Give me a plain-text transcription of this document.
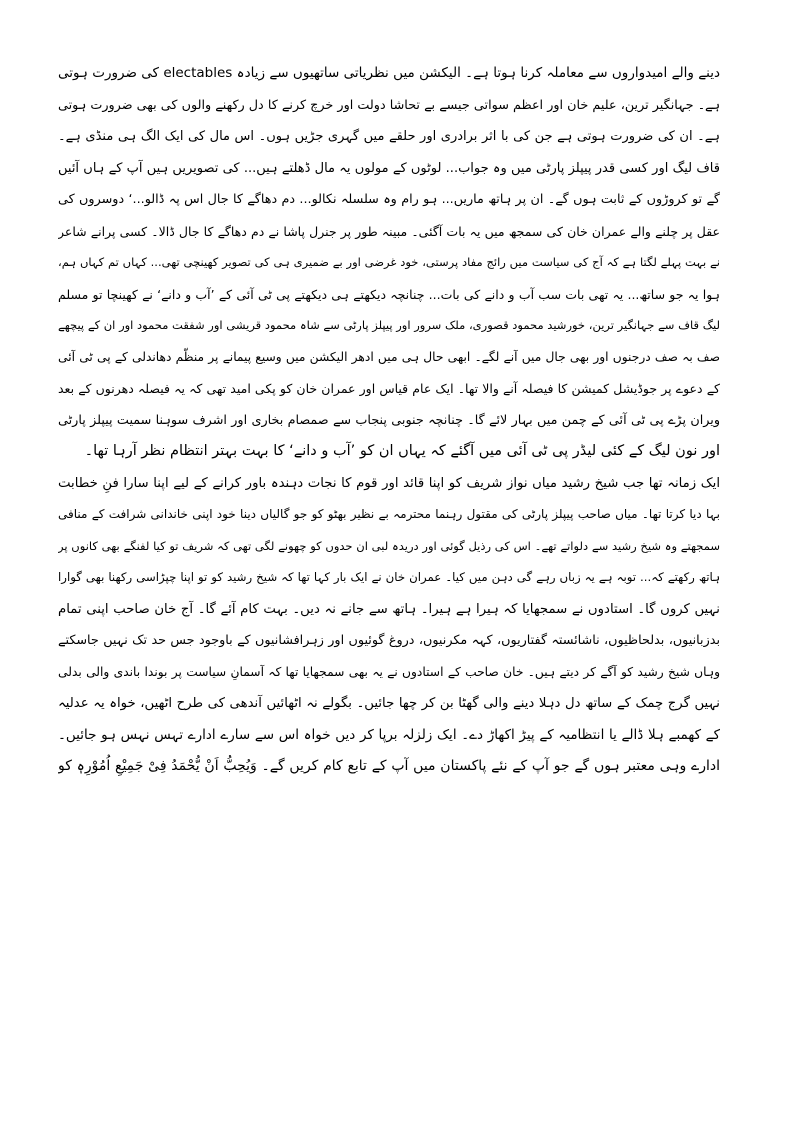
دینے والے امیدواروں سے معاملہ کرنا ہوتا ہے۔ الیکشن میں نظریاتی ساتھیوں سے زیادہ electables کی ضرورت ہوتی
ہے۔ جہانگیر ترین، علیم خان اور اعظم سواتی جیسے بے تحاشا دولت اور خرچ کرنے کا دل رکھنے والوں کی بھی ضرورت ہوتی
ہے۔ ان کی ضرورت ہوتی ہے جن کی با اثر برادری اور حلقے میں گہری جڑیں ہوں۔ اس مال کی ایک الگ ہی منڈی ہے۔
قاف لیگ اور کسی قدر پیپلز پارٹی میں وہ جواب... لوٹوں کے مولوں یہ مال ڈھلتے ہیں... کی تصویریں ہیں آپ کے ہاں آئیں
گے تو کروڑوں کے ثابت ہوں گے۔ ان پر ہاتھ ماریں... ہو رام وہ سلسلہ نکالو... دم دھاگے کا جال اس پہ ڈالو...‘ دوسروں کی
عقل پر چلنے والے عمران خان کی سمجھ میں یہ بات آگئی۔ مبینہ طور پر جنرل پاشا نے دم دھاگے کا جال ڈالا۔ کسی پرانے شاعر
نے بہت پہلے لگتا ہے کہ آج کی سیاست میں رائج مفاد پرستی، خود غرضی اور بے ضمیری ہی کی تصویر کھینچی تھی... کہاں تم کہاں ہم،
ہوا یہ جو ساتھ... یہ تھی بات سب آب و دانے کی بات... چنانچہ دیکھتے ہی دیکھتے پی ٹی آئی کے ’آب و دانے‘ نے کھینچا تو مسلم
لیگ قاف سے جہانگیر ترین، خورشید محمود قصوری، ملک سرور اور پیپلز پارٹی سے شاہ محمود قریشی اور شفقت محمود اور ان کے پیچھے
صف بہ صف درجنوں اور بھی جال میں آنے لگے۔ ابھی حال ہی میں ادھر الیکشن میں وسیع پیمانے پر منظّم دھاندلی کے پی ٹی آئی
کے دعوے پر جوڈیشل کمیشن کا فیصلہ آنے والا تھا۔ ایک عام قیاس اور عمران خان کو پکی امید تھی کہ یہ فیصلہ دھرنوں کے بعد
ویران پڑے پی ٹی آئی کے چمن میں بہار لائے گا۔ چنانچہ جنوبی پنجاب سے صمصام بخاری اور اشرف سوہنا سمیت پیپلز پارٹی
اور نون لیگ کے کئی لیڈر پی ٹی آئی میں آگئے کہ یہاں ان کو ’آب و دانے‘ کا بہت بہتر انتظام نظر آرہا تھا۔
ایک زمانہ تھا جب شیخ رشید میاں نواز شریف کو اپنا قائد اور قوم کا نجات دہندہ باور کرانے کے لیے اپنا سارا فنِ خطابت
بہا دیا کرتا تھا۔ میاں صاحب پیپلز پارٹی کی مقتول رہنما محترمہ بے نظیر بھٹو کو جو گالیاں دینا خود اپنی خاندانی شرافت کے منافی
سمجھتے وہ شیخ رشید سے دلواتے تھے۔ اس کی رذیل گوئی اور دریدہ لبی ان حدوں کو چھونے لگی تھی کہ شریف تو کیا لفنگے بھی کانوں پر
ہاتھ رکھتے کہ... توبہ ہے یہ زباں رہے گی دہن میں کیا۔ عمران خان نے ایک بار کہا تھا کہ شیخ رشید کو تو اپنا چپڑاسی رکھنا بھی گوارا
نہیں کروں گا۔ استادوں نے سمجھایا کہ ہیرا ہے ہیرا۔ ہاتھ سے جانے نہ دیں۔ بہت کام آئے گا۔ آج خان صاحب اپنی تمام
بدزبانیوں، بدلحاظیوں، ناشائستہ گفتاریوں، کہہ مکرنیوں، دروغ گوئیوں اور زہرافشانیوں کے باوجود جس حد تک نہیں جاسکتے
وہاں شیخ رشید کو آگے کر دیتے ہیں۔ خان صاحب کے استادوں نے یہ بھی سمجھایا تھا کہ آسمانِ سیاست پر بوندا باندی والی بدلی
نہیں گرج چمک کے ساتھ دل دہلا دینے والی گھٹا بن کر چھا جائیں۔ بگولے نہ اٹھائیں آندھی کی طرح اٹھیں، خواہ یہ عدلیہ
کے کھمبے ہلا ڈالے یا انتظامیہ کے پیڑ اکھاڑ دے۔ ایک زلزلہ برپا کر دیں خواہ اس سے سارے ادارے تہس نہس ہو جائیں۔
ادارے وہی معتبر ہوں گے جو آپ کے نئے پاکستان میں آپ کے تابع کام کریں گے۔ وَیُحِبُّ اَنْ یُّحْمَدُ فِیْ جَمِیْعِ اُمُوْرِہٖ کو
